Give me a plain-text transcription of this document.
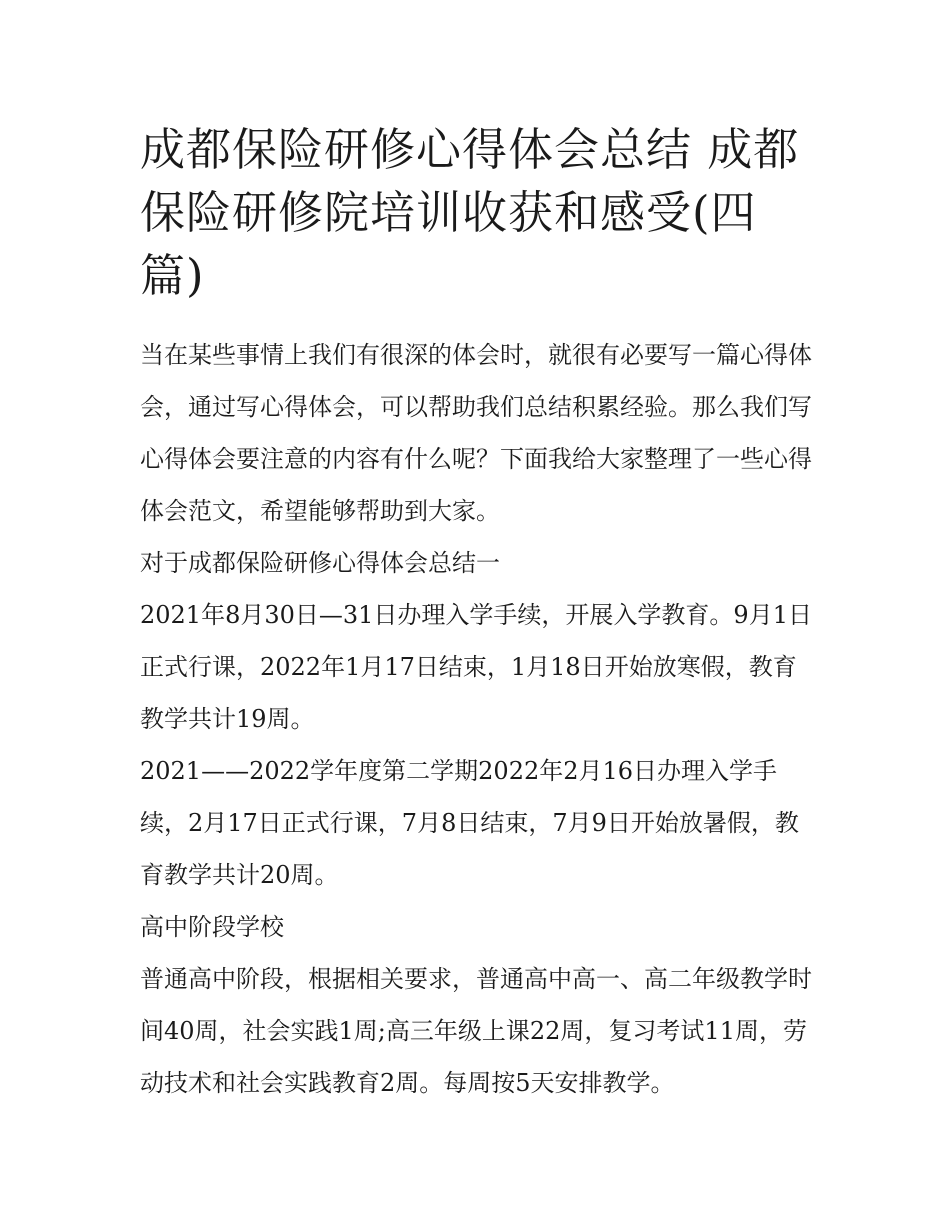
成都保险研修心得体会总结 成都保险研修院培训收获和感受(四篇)

当在某些事情上我们有很深的体会时，就很有必要写一篇心得体会，通过写心得体会，可以帮助我们总结积累经验。那么我们写心得体会要注意的内容有什么呢？下面我给大家整理了一些心得体会范文，希望能够帮助到大家。

对于成都保险研修心得体会总结一

2021年8月30日—31日办理入学手续，开展入学教育。9月1日正式行课，2022年1月17日结束，1月18日开始放寒假，教育教学共计19周。

2021——2022学年度第二学期2022年2月16日办理入学手续，2月17日正式行课，7月8日结束，7月9日开始放暑假，教育教学共计20周。

高中阶段学校

普通高中阶段，根据相关要求，普通高中高一、高二年级教学时间40周，社会实践1周;高三年级上课22周，复习考试11周，劳动技术和社会实践教育2周。每周按5天安排教学。
